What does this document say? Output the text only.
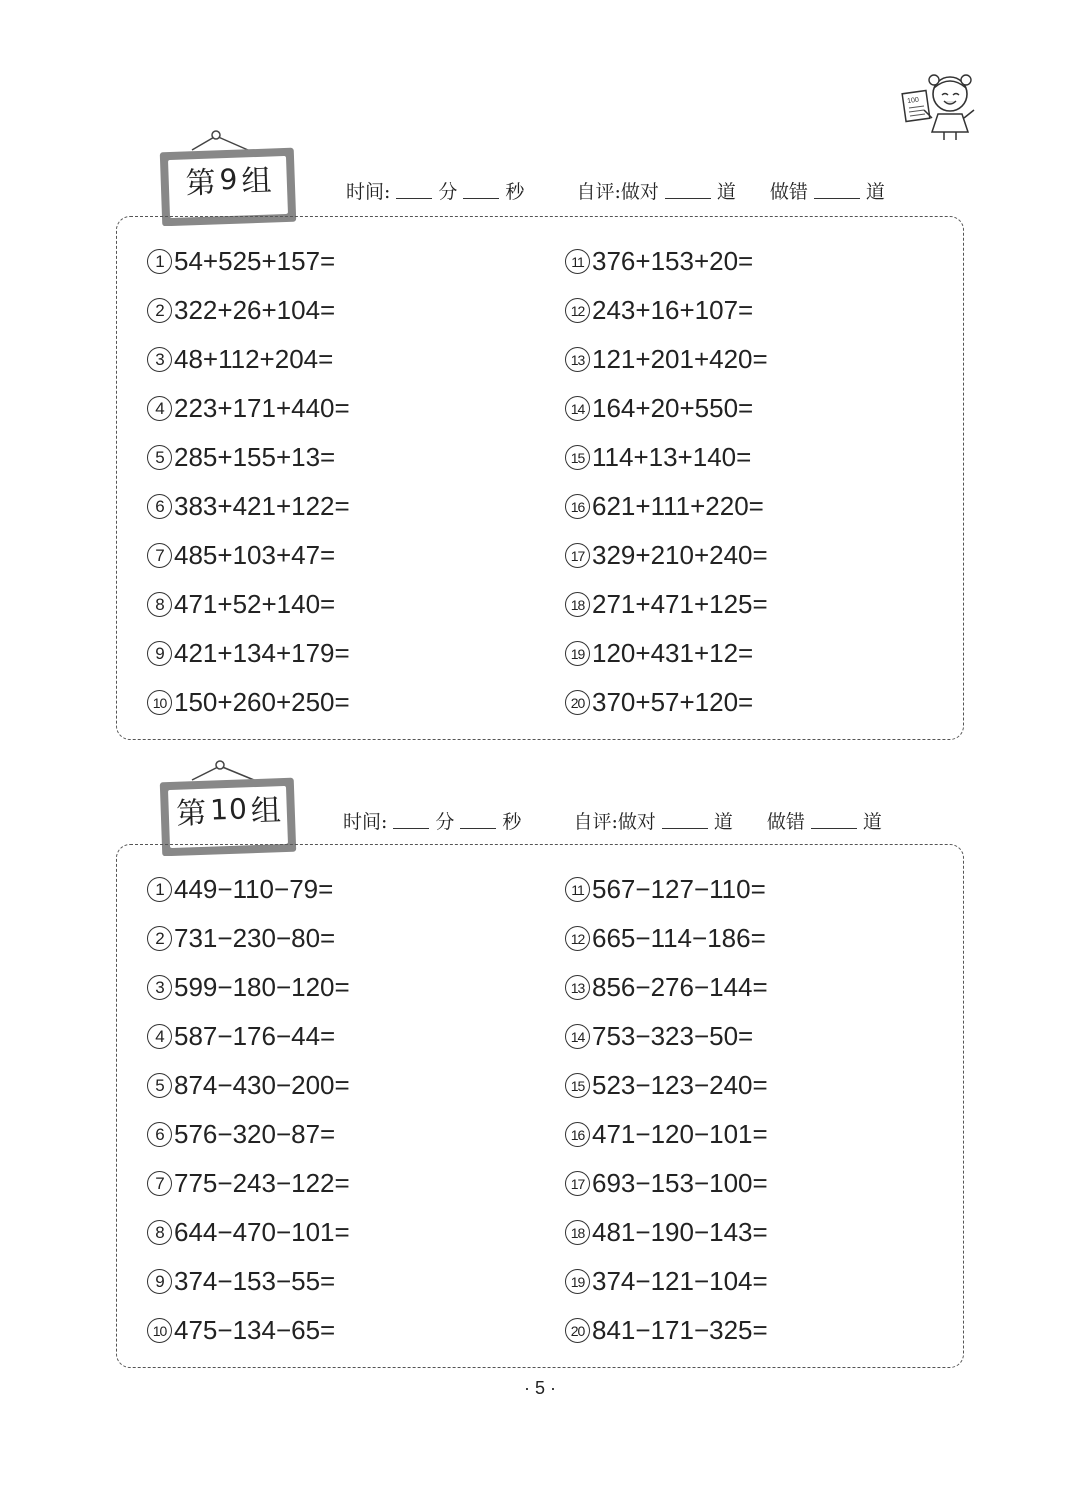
100
第 9 组	时间:	分	秒	自评:做对	道 做错	道
1 54+525+157=
2 322+26+104=
3 48+112+204=
4 223+171+440=
5 285+155+13=
6 383+421+122=
7 485+103+47=
8 471+52+140=
9 421+134+179=
10 150+260+250=
11 376+153+20=
12 243+16+107=
13 121+201+420=
14 164+20+550=
15 114+13+140=
16 621+111+220=
17 329+210+240=
18 271+471+125=
19 120+431+12=
20 370+57+120=
第 10 组	时间:	分	秒	自评:做对	道 做错	道
1 449−110−79=
2 731−230−80=
3 599−180−120=
4 587−176−44=
5 874−430−200=
6 576−320−87=
7 775−243−122=
8 644−470−101=
9 374−153−55=
10 475−134−65=
11 567−127−110=
12 665−114−186=
13 856−276−144=
14 753−323−50=
15 523−123−240=
16 471−120−101=
17 693−153−100=
18 481−190−143=
19 374−121−104=
20 841−171−325=
· 5 ·
